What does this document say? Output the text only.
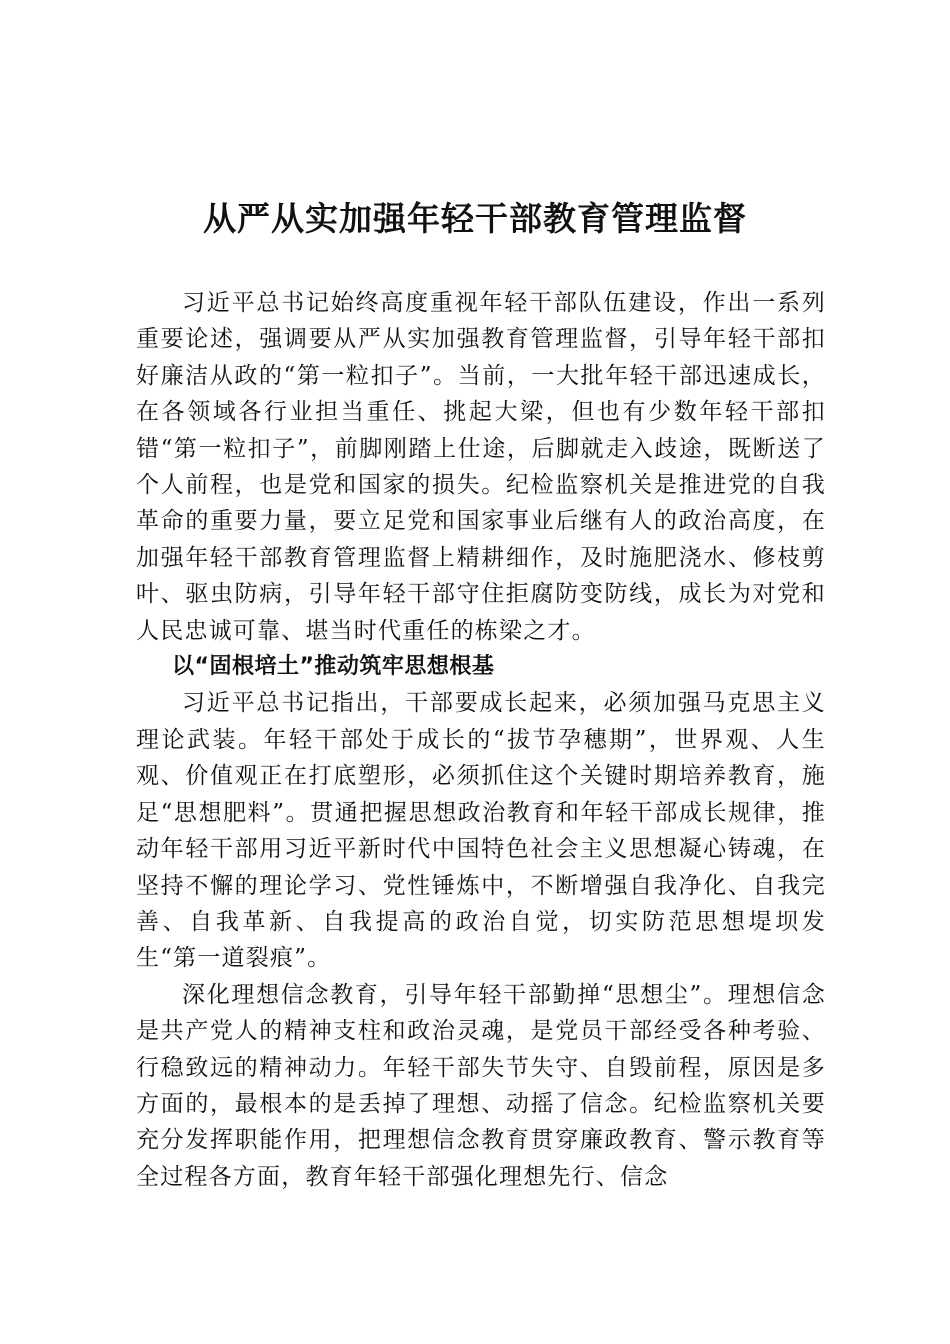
从严从实加强年轻干部教育管理监督

习近平总书记始终高度重视年轻干部队伍建设，作出一系列重要论述，强调要从严从实加强教育管理监督，引导年轻干部扣好廉洁从政的“第一粒扣子”。当前，一大批年轻干部迅速成长，在各领域各行业担当重任、挑起大梁，但也有少数年轻干部扣错“第一粒扣子”，前脚刚踏上仕途，后脚就走入歧途，既断送了个人前程，也是党和国家的损失。纪检监察机关是推进党的自我革命的重要力量，要立足党和国家事业后继有人的政治高度，在加强年轻干部教育管理监督上精耕细作，及时施肥浇水、修枝剪叶、驱虫防病，引导年轻干部守住拒腐防变防线，成长为对党和人民忠诚可靠、堪当时代重任的栋梁之才。

以“固根培土”推动筑牢思想根基

习近平总书记指出，干部要成长起来，必须加强马克思主义理论武装。年轻干部处于成长的“拔节孕穗期”，世界观、人生观、价值观正在打底塑形，必须抓住这个关键时期培养教育，施足“思想肥料”。贯通把握思想政治教育和年轻干部成长规律，推动年轻干部用习近平新时代中国特色社会主义思想凝心铸魂，在坚持不懈的理论学习、党性锤炼中，不断增强自我净化、自我完善、自我革新、自我提高的政治自觉，切实防范思想堤坝发生“第一道裂痕”。

深化理想信念教育，引导年轻干部勤掸“思想尘”。理想信念是共产党人的精神支柱和政治灵魂，是党员干部经受各种考验、行稳致远的精神动力。年轻干部失节失守、自毁前程，原因是多方面的，最根本的是丢掉了理想、动摇了信念。纪检监察机关要充分发挥职能作用，把理想信念教育贯穿廉政教育、警示教育等全过程各方面，教育年轻干部强化理想先行、信念
